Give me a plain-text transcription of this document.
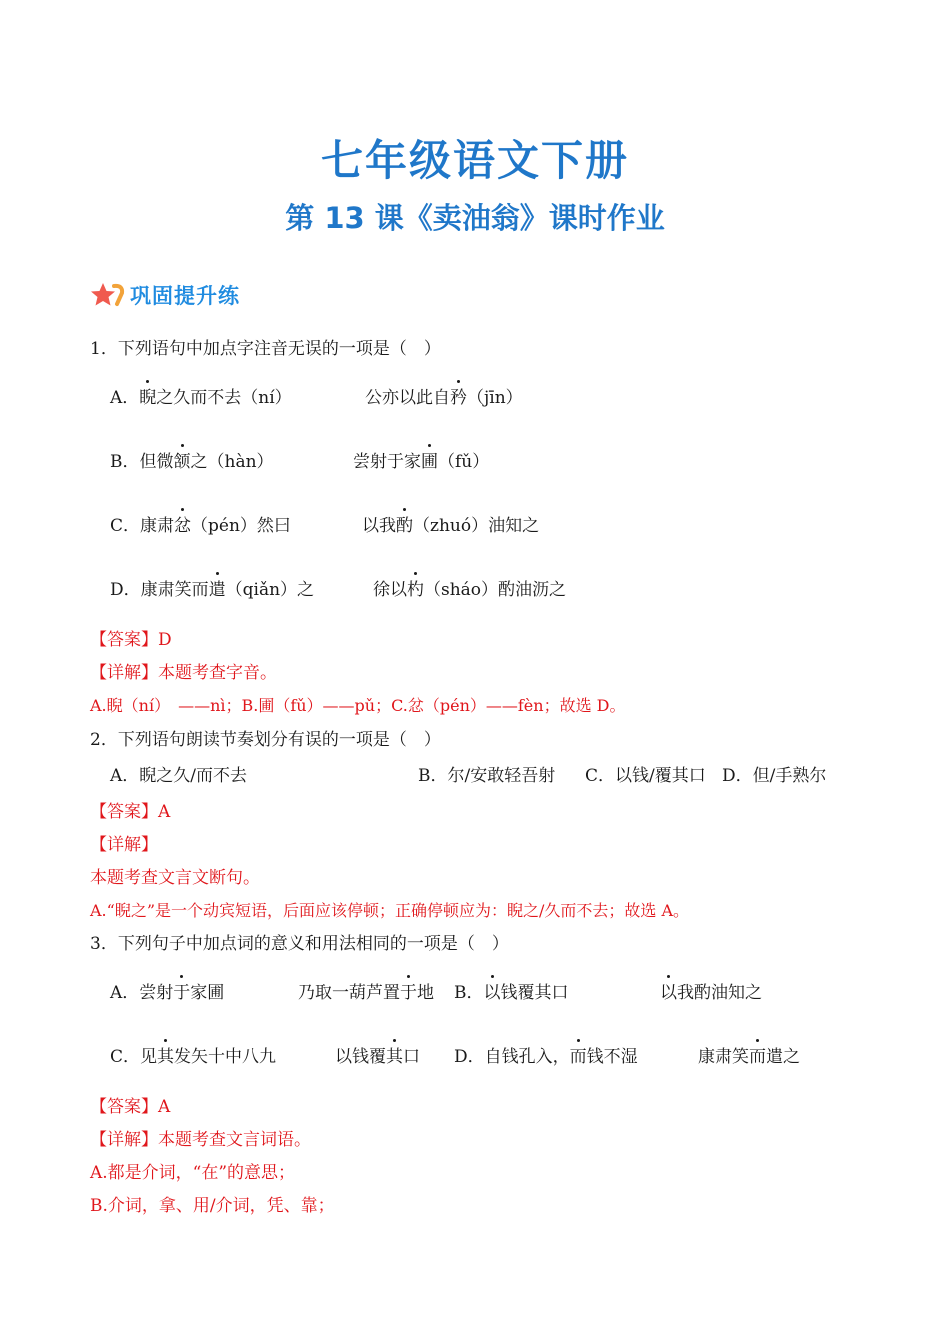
七年级语文下册
第 13 课《卖油翁》课时作业
巩固提升练
1．下列语句中加点字注音无误的一项是（　）
A．睨之久而不去（ní）	公亦以此自矜（jīn）
B．但微颔之（hàn）	尝射于家圃（fǔ）
C．康肃忿（pén）然曰	以我酌（zhuó）油知之
D．康肃笑而遣（qiǎn）之	徐以杓（sháo）酌油沥之
【答案】D
【详解】本题考查字音。
A.睨（ní）　——nì；B.圃（fǔ）——pǔ；C.忿（pén）——fèn；故选 D。
2．下列语句朗读节奏划分有误的一项是（　）
A．睨之久/而不去	B．尔/安敢轻吾射 C．以钱/覆其口 D．但/手熟尔
【答案】A
【详解】
本题考查文言文断句。
A.“睨之”是一个动宾短语，后面应该停顿；正确停顿应为：睨之/久而不去；故选 A。
3．下列句子中加点词的意义和用法相同的一项是（　）
A．尝射于家圃	乃取一葫芦置于地 B．以钱覆其口	以我酌油知之
C．见其发矢十中八九	以钱覆其口 D．自钱孔入，而钱不湿	康肃笑而遣之
【答案】A
【详解】本题考查文言词语。
A.都是介词，“在”的意思；
B.介词，拿、用/介词，凭、靠；
